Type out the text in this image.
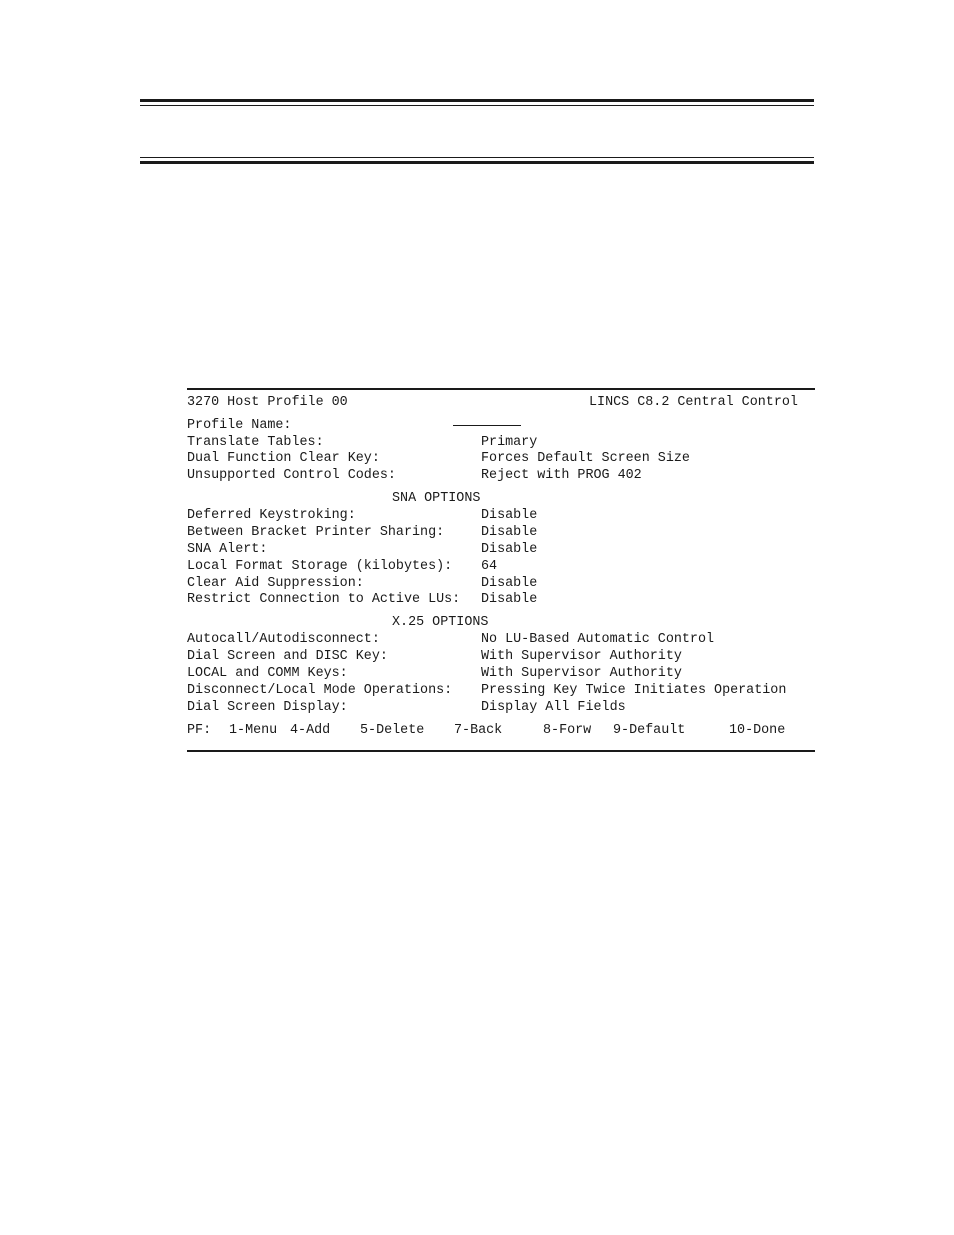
3270 Host Profile 00	LINCS C8.2 Central Control
Profile Name:
Translate Tables:	Primary
Dual Function Clear Key:	Forces Default Screen Size
Unsupported Control Codes:	Reject with PROG 402
SNA OPTIONS
Deferred Keystroking:	Disable
Between Bracket Printer Sharing:	Disable
SNA Alert:	Disable
Local Format Storage (kilobytes): 64
Clear Aid Suppression:	Disable
Restrict Connection to Active LUs: Disable
X.25 OPTIONS
Autocall/Autodisconnect:	No LU-Based Automatic Control
Dial Screen and DISC Key:	With Supervisor Authority
LOCAL and COMM Keys:	With Supervisor Authority
Disconnect/Local Mode Operations: Pressing Key Twice Initiates Operation
Dial Screen Display:	Display All Fields
PF: 1-Menu 4-Add 5-Delete 7-Back	8-Forw 9-Default	10-Done
